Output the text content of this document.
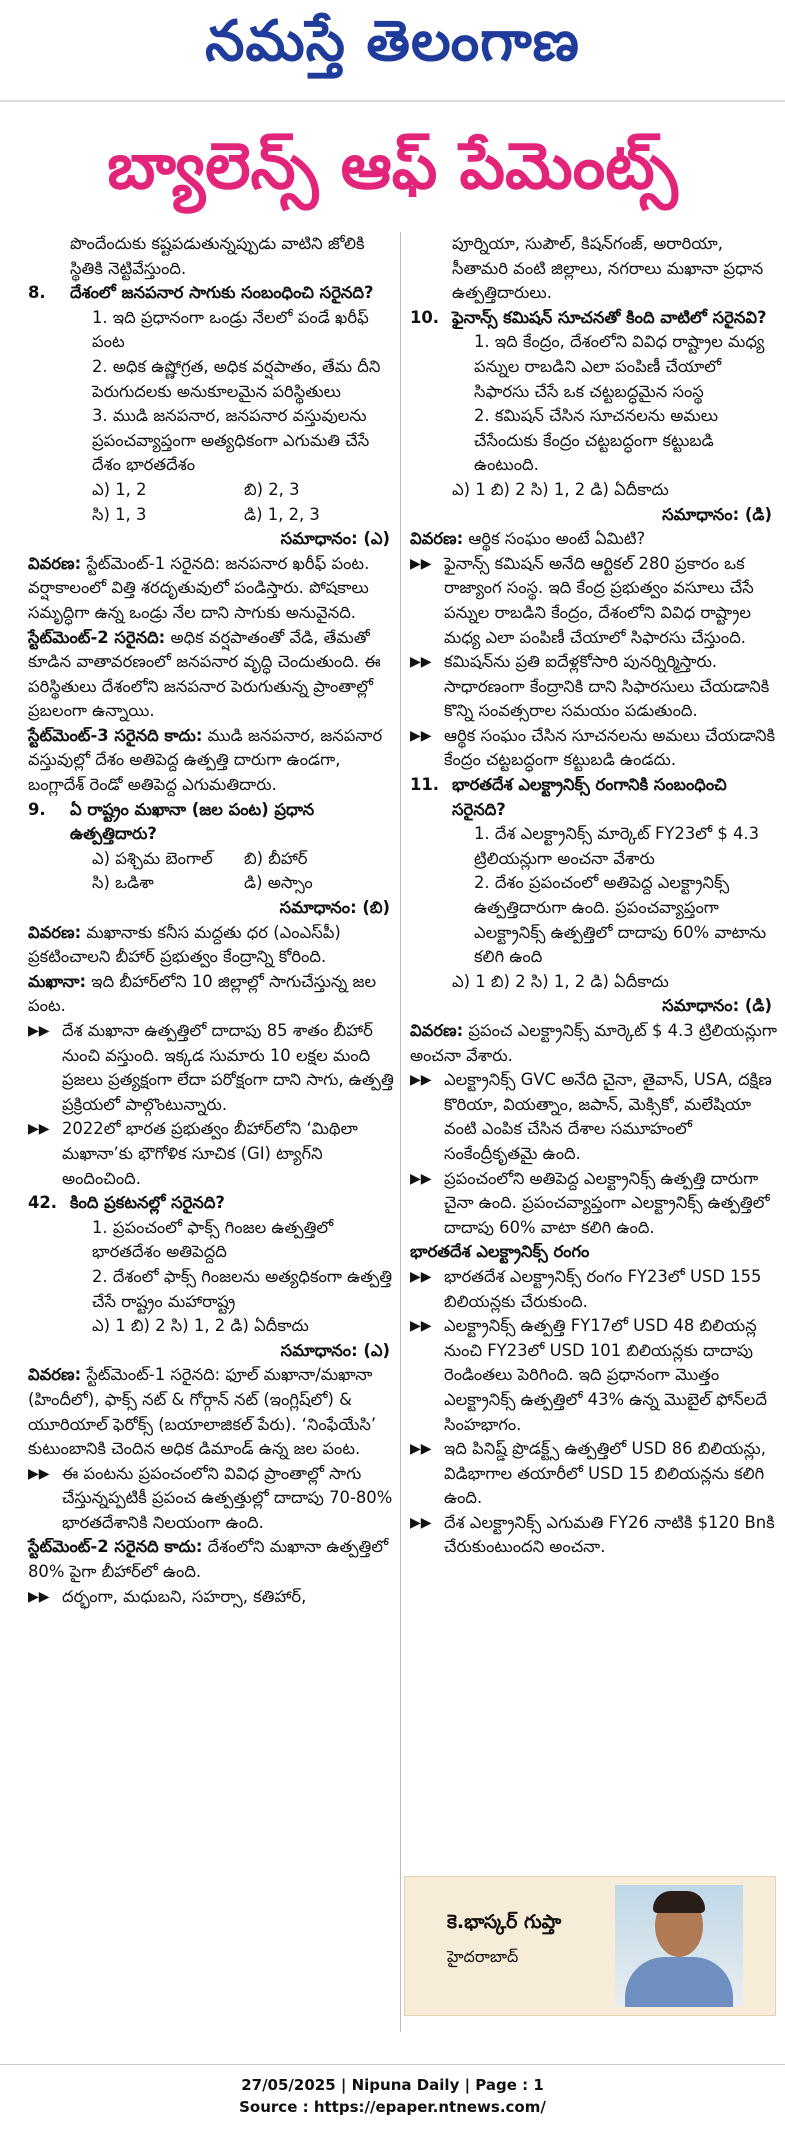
నమస్తే తెలంగాణ
బ్యాలెన్స్ ఆఫ్ పేమెంట్స్

పొందేందుకు కష్టపడుతున్నప్పుడు వాటిని జోలికి స్థితికి నెట్టివేస్తుంది.

8.	దేశంలో జనపనార సాగుకు సంబంధించి సరైనది?

1. ఇది ప్రధానంగా ఒండ్రు నేలలో పండే ఖరీఫ్ పంట

2. అధిక ఉష్ణోగ్రత, అధిక వర్షపాతం, తేమ దీని పెరుగుదలకు అనుకూలమైన పరిస్థితులు

3. ముడి జనపనార, జనపనార వస్తువులను ప్రపంచవ్యాప్తంగా అత్యధికంగా ఎగుమతి చేసే దేశం భారతదేశం

ఎ) 1, 2	బి) 2, 3
సి) 1, 3	డి) 1, 2, 3
సమాధానం: (ఎ)

వివరణ: స్టేట్‌మెంట్-1 సరైనది: జనపనార ఖరీఫ్ పంట. వర్షాకాలంలో విత్తి శరదృతువులో పండిస్తారు. పోషకాలు సమృద్ధిగా ఉన్న ఒండ్రు నేల దాని సాగుకు అనువైనది.

స్టేట్‌మెంట్-2 సరైనది: అధిక వర్షపాతంతో వేడి, తేమతో కూడిన వాతావరణంలో జనపనార వృద్ధి చెందుతుంది. ఈ పరిస్థితులు దేశంలోని జనపనార పెరుగుతున్న ప్రాంతాల్లో ప్రబలంగా ఉన్నాయి.

స్టేట్‌మెంట్-3 సరైనది కాదు: ముడి జనపనార, జనపనార వస్తువుల్లో దేశం అతిపెద్ద ఉత్పత్తి దారుగా ఉండగా, బంగ్లాదేశ్ రెండో అతిపెద్ద ఎగుమతిదారు.

9.	ఏ రాష్ట్రం మఖానా (జల పంట) ప్రధాన ఉత్పత్తిదారు?
ఎ) పశ్చిమ బెంగాల్	బి) బీహార్
సి) ఒడిశా	డి) అస్సాం
సమాధానం: (బి)

వివరణ: మఖానాకు కనీస మద్దతు ధర (ఎంఎస్‌పీ) ప్రకటించాలని బీహార్ ప్రభుత్వం కేంద్రాన్ని కోరింది.

మఖానా: ఇది బీహార్‌లోని 10 జిల్లాల్లో సాగుచేస్తున్న జల పంట.

▶▶ దేశ మఖానా ఉత్పత్తిలో దాదాపు 85 శాతం బీహార్ నుంచి వస్తుంది. ఇక్కడ సుమారు 10 లక్షల మంది ప్రజలు ప్రత్యక్షంగా లేదా పరోక్షంగా దాని సాగు, ఉత్పత్తి ప్రక్రియలో పాల్గొంటున్నారు.
▶▶ 2022లో భారత ప్రభుత్వం బీహార్‌లోని ‘మిథిలా మఖానా’కు భౌగోళిక సూచిక (GI) ట్యాగ్‌ని అందించింది.
42. కింది ప్రకటనల్లో సరైనది?

1. ప్రపంచంలో ఫాక్స్ గింజల ఉత్పత్తిలో భారతదేశం అతిపెద్దది

2. దేశంలో ఫాక్స్ గింజలను అత్యధికంగా ఉత్పత్తి చేసే రాష్ట్రం మహారాష్ట్ర

ఎ) 1 బి) 2 సి) 1, 2 డి) ఏదీకాదు

సమాధానం: (ఎ)

వివరణ: స్టేట్‌మెంట్-1 సరైనది: ఫూల్ మఖానా/మఖానా (హిందీలో), ఫాక్స్ నట్ & గోర్గాన్ నట్ (ఇంగ్లిష్‌లో) & యూరియాల్ ఫెరోక్స్ (బయాలాజికల్ పేరు). ‘నింఫేయేసి’ కుటుంబానికి చెందిన అధిక డిమాండ్ ఉన్న జల పంట.

▶▶ ఈ పంటను ప్రపంచంలోని వివిధ ప్రాంతాల్లో సాగు చేస్తున్నప్పటికీ ప్రపంచ ఉత్పత్తుల్లో దాదాపు 70-80% భారతదేశానికి నిలయంగా ఉంది.

స్టేట్‌మెంట్-2 సరైనది కాదు: దేశంలోని మఖానా ఉత్పత్తిలో 80% పైగా బీహార్‌లో ఉంది.

▶▶ దర్భంగా, మధుబని, సహర్సా, కతిహార్,

పూర్నియా, సుపౌల్, కిషన్‌గంజ్, అరారియా, సీతామరి వంటి జిల్లాలు, నగరాలు మఖానా ప్రధాన ఉత్పత్తిదారులు.

10. ఫైనాన్స్ కమిషన్ సూచనతో కింది వాటిలో సరైనవి?

1. ఇది కేంద్రం, దేశంలోని వివిధ రాష్ట్రాల మధ్య పన్నుల రాబడిని ఎలా పంపిణీ చేయాలో సిఫారసు చేసే ఒక చట్టబద్ధమైన సంస్థ

2. కమిషన్ చేసిన సూచనలను అమలు చేసేందుకు కేంద్రం చట్టబద్ధంగా కట్టుబడి ఉంటుంది.

ఎ) 1 బి) 2 సి) 1, 2 డి) ఏదీకాదు

సమాధానం: (డి)

వివరణ: ఆర్థిక సంఘం అంటే ఏమిటి?

▶▶ ఫైనాన్స్ కమిషన్ అనేది ఆర్టికల్ 280 ప్రకారం ఒక రాజ్యాంగ సంస్థ. ఇది కేంద్ర ప్రభుత్వం వసూలు చేసే పన్నుల రాబడిని కేంద్రం, దేశంలోని వివిధ రాష్ట్రాల మధ్య ఎలా పంపిణీ చేయాలో సిఫారసు చేస్తుంది.
▶▶ కమిషన్‌ను ప్రతి ఐదేళ్లకోసారి పునర్నిర్మిస్తారు. సాధారణంగా కేంద్రానికి దాని సిఫారసులు చేయడానికి కొన్ని సంవత్సరాల సమయం పడుతుంది.
▶▶ ఆర్థిక సంఘం చేసిన సూచనలను అమలు చేయడానికి కేంద్రం చట్టబద్ధంగా కట్టుబడి ఉండదు.
11. భారతదేశ ఎలక్ట్రానిక్స్ రంగానికి సంబంధించి సరైనది?

1. దేశ ఎలక్ట్రానిక్స్ మార్కెట్ FY23లో $ 4.3 ట్రిలియన్లుగా అంచనా వేశారు

2. దేశం ప్రపంచంలో అతిపెద్ద ఎలక్ట్రానిక్స్ ఉత్పత్తిదారుగా ఉంది. ప్రపంచవ్యాప్తంగా ఎలక్ట్రానిక్స్ ఉత్పత్తిలో దాదాపు 60% వాటాను కలిగి ఉంది

ఎ) 1 బి) 2 సి) 1, 2 డి) ఏదీకాదు

సమాధానం: (డి)

వివరణ: ప్రపంచ ఎలక్ట్రానిక్స్ మార్కెట్ $ 4.3 ట్రిలియన్లుగా అంచనా వేశారు.

▶▶ ఎలక్ట్రానిక్స్ GVC అనేది చైనా, తైవాన్, USA, దక్షిణ కొరియా, వియత్నాం, జపాన్, మెక్సికో, మలేషియా వంటి ఎంపిక చేసిన దేశాల సమూహంలో సంకేంద్రీకృతమై ఉంది.
▶▶ ప్రపంచంలోని అతిపెద్ద ఎలక్ట్రానిక్స్ ఉత్పత్తి దారుగా చైనా ఉంది. ప్రపంచవ్యాప్తంగా ఎలక్ట్రానిక్స్ ఉత్పత్తిలో దాదాపు 60% వాటా కలిగి ఉంది.

భారతదేశ ఎలక్ట్రానిక్స్ రంగం

▶▶ భారతదేశ ఎలక్ట్రానిక్స్ రంగం FY23లో USD 155 బిలియన్లకు చేరుకుంది.
▶▶ ఎలక్ట్రానిక్స్ ఉత్పత్తి FY17లో USD 48 బిలియన్ల నుంచి FY23లో USD 101 బిలియన్లకు దాదాపు రెండింతలు పెరిగింది. ఇది ప్రధానంగా మొత్తం ఎలక్ట్రానిక్స్ ఉత్పత్తిలో 43% ఉన్న మొబైల్ ఫోన్‌లదే సింహభాగం.
▶▶ ఇది పినిష్డ్ ప్రొడక్ట్స్ ఉత్పత్తిలో USD 86 బిలియన్లు, విడిభాగాల తయారీలో USD 15 బిలియన్లను కలిగి ఉంది.
▶▶ దేశ ఎలక్ట్రానిక్స్ ఎగుమతి FY26 నాటికి $120 Bnకి చేరుకుంటుందని అంచనా.
కె.భాస్కర్ గుప్తా
హైదరాబాద్
27/05/2025 | Nipuna Daily | Page : 1
Source : https://epaper.ntnews.com/
